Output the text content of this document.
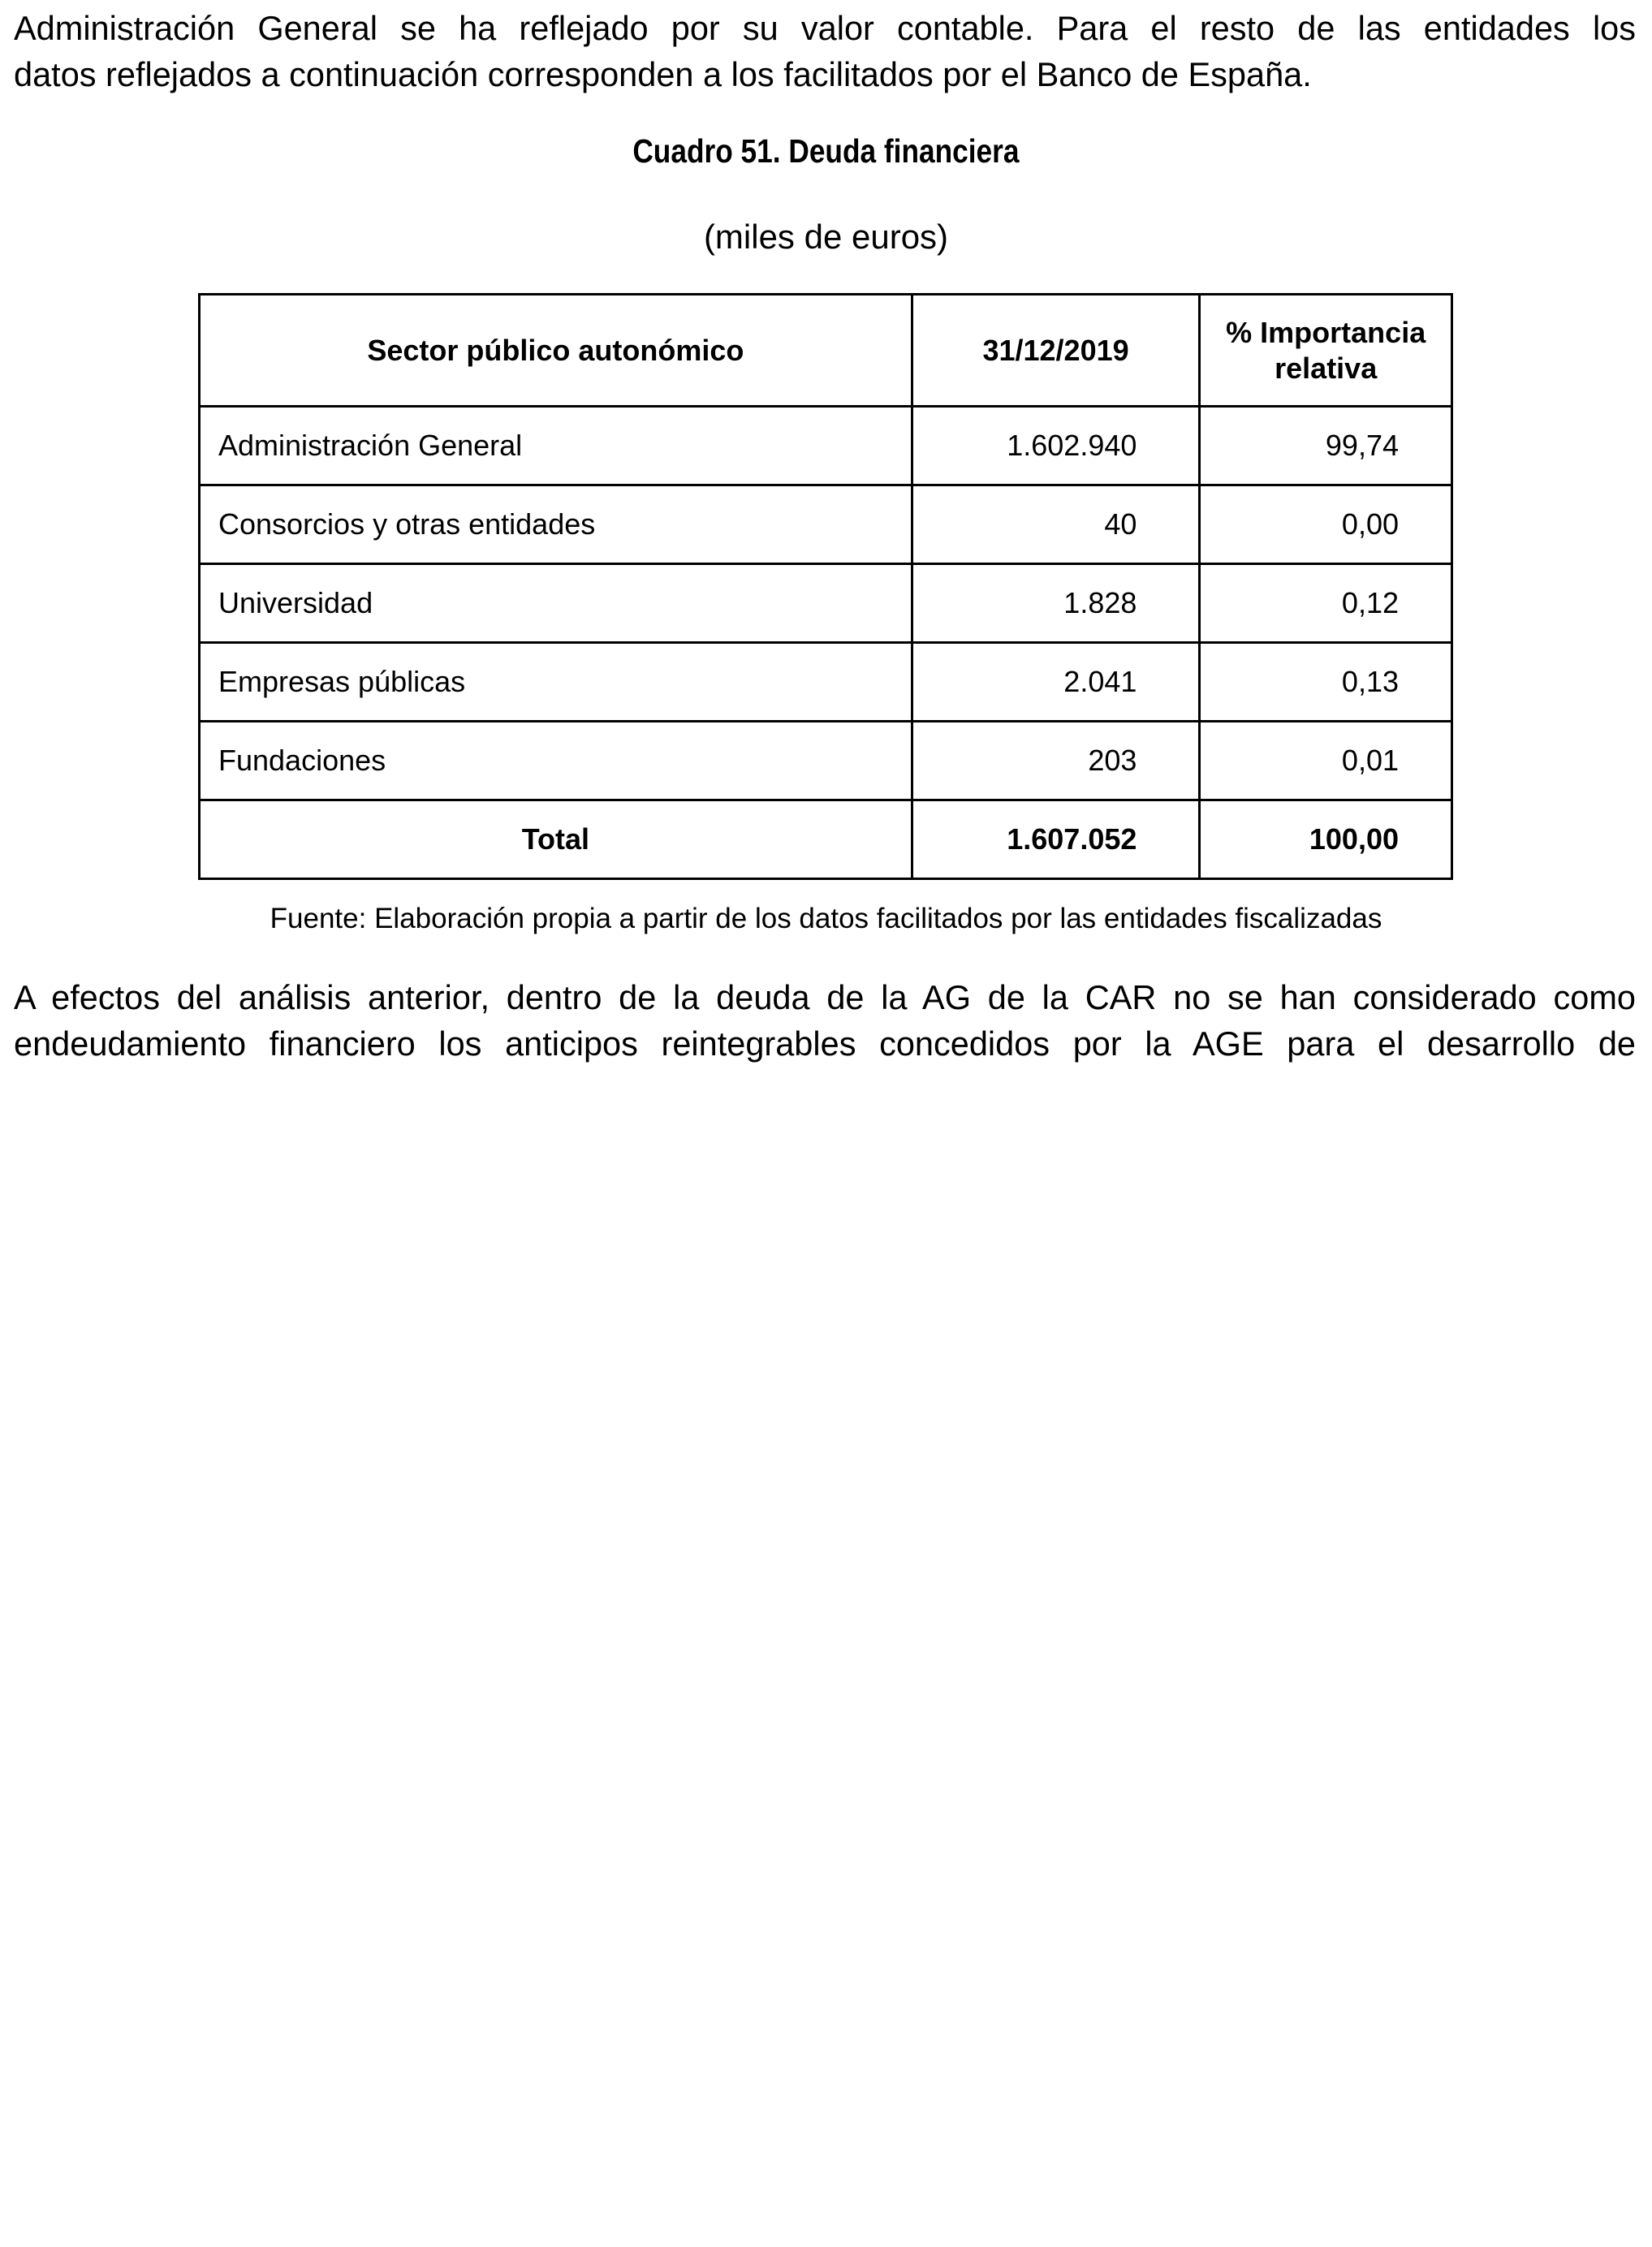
Administración General se ha reflejado por su valor contable. Para el resto de las entidades los
datos reflejados a continuación corresponden a los facilitados por el Banco de España.

Cuadro 51. Deuda financiera
(miles de euros)
Sector público autonómico	31/12/2019	% Importancia
relativa
Administración General	1.602.940	99,74
Consorcios y otras entidades	40	0,00
Universidad	1.828	0,12
Empresas públicas	2.041	0,13
Fundaciones	203	0,01
Total	1.607.052	100,00
Fuente: Elaboración propia a partir de los datos facilitados por las entidades fiscalizadas

A efectos del análisis anterior, dentro de la deuda de la AG de la CAR no se han considerado como
endeudamiento financiero los anticipos reintegrables concedidos por la AGE para el desarrollo de
